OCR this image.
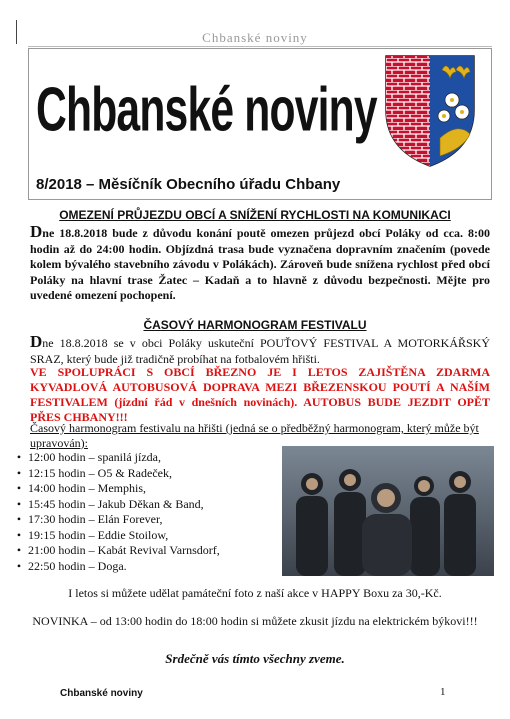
Chbanské noviny
Chbanské noviny
8/2018 – Měsíčník Obecního úřadu Chbany
OMEZENÍ PRŮJEZDU OBCÍ A SNÍŽENÍ RYCHLOSTI NA KOMUNIKACI
Dne 18.8.2018 bude z důvodu konání poutě omezen průjezd obcí Poláky od cca. 8:00 hodin až do 24:00 hodin. Objízdná trasa bude vyznačena dopravním značením (povede kolem bývalého stavebního závodu v Polákách). Zároveň bude snížena rychlost před obcí Poláky na hlavní trase Žatec – Kadaň a to hlavně z důvodu bezpečnosti. Mějte pro uvedené omezení pochopení.
ČASOVÝ HARMONOGRAM FESTIVALU
Dne 18.8.2018 se v obci Poláky uskuteční POUŤOVÝ FESTIVAL A MOTORKÁŘSKÝ SRAZ, který bude již tradičně probíhat na fotbalovém hřišti.
VE SPOLUPRÁCI S OBCÍ BŘEZNO JE I LETOS ZAJIŠTĚNA ZDARMA KYVADLOVÁ AUTOBUSOVÁ DOPRAVA MEZI BŘEZENSKOU POUTÍ A NAŠÍM FESTIVALEM (jízdní řád v dnešních novinách). AUTOBUS BUDE JEZDIT OPĚT PŘES CHBANY!!!
Časový harmonogram festivalu na hřišti (jedná se o předběžný harmonogram, který může být upravován):
• 12:00 hodin – spanilá jízda,
• 12:15 hodin – O5 & Radeček,
• 14:00 hodin – Memphis,
• 15:45 hodin – Jakub Děkan & Band,
• 17:30 hodin – Elán Forever,
• 19:15 hodin – Eddie Stoilow,
• 21:00 hodin – Kabát Revival Varnsdorf,
• 22:50 hodin – Doga.
I letos si můžete udělat památeční foto z naší akce v HAPPY Boxu za 30,-Kč.
NOVINKA – od 13:00 hodin do 18:00 hodin si můžete zkusit jízdu na elektrickém býkovi!!!
Srdečně vás tímto všechny zveme.
Chbanské noviny	1
